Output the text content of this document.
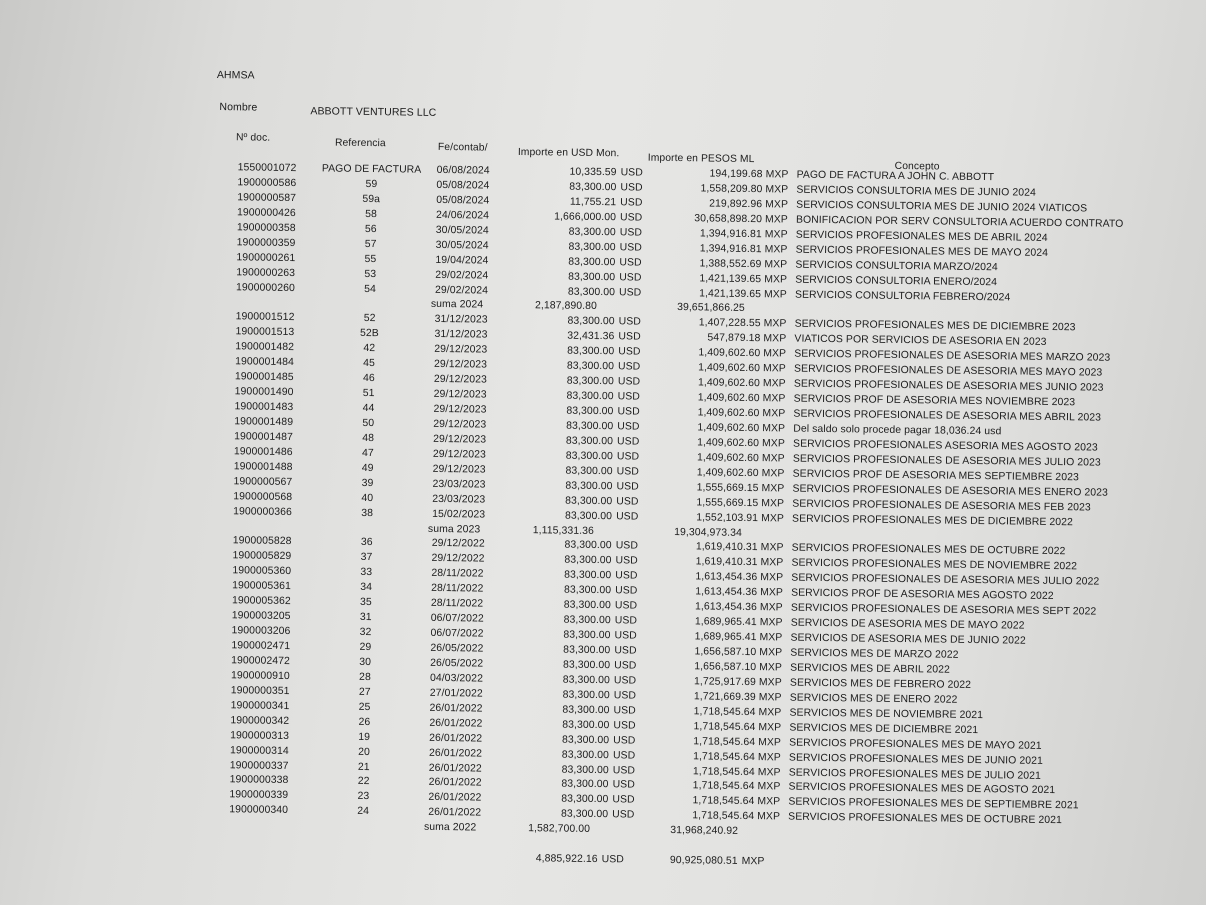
AHMSA
Nombre	ABBOTT VENTURES LLC
Nº doc.	Referencia	Fe/contab/	Importe en USD Mon.	Importe en PESOS ML
Concepto
1550001072	PAGO DE FACTURA	06/08/2024	10,335.59 USD	194,199.68 MXP PAGO DE FACTURA A JOHN C. ABBOTT
1900000586	59	05/08/2024	83,300.00 USD	1,558,209.80 MXP SERVICIOS CONSULTORIA MES DE JUNIO 2024
1900000587	59a	05/08/2024	11,755.21 USD	219,892.96 MXP SERVICIOS CONSULTORIA MES DE JUNIO 2024 VIATICOS
1900000426	58	24/06/2024	1,666,000.00 USD	30,658,898.20 MXP BONIFICACION POR SERV CONSULTORIA ACUERDO CONTRATO
1900000358	56	30/05/2024	83,300.00 USD	1,394,916.81 MXP SERVICIOS PROFESIONALES MES DE ABRIL 2024
1900000359	57	30/05/2024	83,300.00 USD	1,394,916.81 MXP SERVICIOS PROFESIONALES MES DE MAYO 2024
1900000261	55	19/04/2024	83,300.00 USD	1,388,552.69 MXP SERVICIOS CONSULTORIA MARZO/2024
1900000263	53	29/02/2024	83,300.00 USD	1,421,139.65 MXP SERVICIOS CONSULTORIA ENERO/2024
1900000260	54	29/02/2024	83,300.00 USD	1,421,139.65 MXP SERVICIOS CONSULTORIA FEBRERO/2024
suma 2024	2,187,890.80	39,651,866.25
1900001512	52	31/12/2023	83,300.00 USD	1,407,228.55 MXP SERVICIOS PROFESIONALES MES DE DICIEMBRE 2023
1900001513	52B	31/12/2023	32,431.36 USD	547,879.18 MXP VIATICOS POR SERVICIOS DE ASESORIA EN 2023
1900001482	42	29/12/2023	83,300.00 USD	1,409,602.60 MXP SERVICIOS PROFESIONALES DE ASESORIA MES MARZO 2023
1900001484	45	29/12/2023	83,300.00 USD	1,409,602.60 MXP SERVICIOS PROFESIONALES DE ASESORIA MES MAYO 2023
1900001485	46	29/12/2023	83,300.00 USD	1,409,602.60 MXP SERVICIOS PROFESIONALES DE ASESORIA MES JUNIO 2023
1900001490	51	29/12/2023	83,300.00 USD	1,409,602.60 MXP SERVICIOS PROF DE ASESORIA MES NOVIEMBRE 2023
1900001483	44	29/12/2023	83,300.00 USD	1,409,602.60 MXP SERVICIOS PROFESIONALES DE ASESORIA MES ABRIL 2023
1900001489	50	29/12/2023	83,300.00 USD	1,409,602.60 MXP Del saldo solo procede pagar 18,036.24 usd
1900001487	48	29/12/2023	83,300.00 USD	1,409,602.60 MXP SERVICIOS PROFESIONALES ASESORIA MES AGOSTO 2023
1900001486	47	29/12/2023	83,300.00 USD	1,409,602.60 MXP SERVICIOS PROFESIONALES DE ASESORIA MES JULIO 2023
1900001488	49	29/12/2023	83,300.00 USD	1,409,602.60 MXP SERVICIOS PROF DE ASESORIA MES SEPTIEMBRE 2023
1900000567	39	23/03/2023	83,300.00 USD	1,555,669.15 MXP SERVICIOS PROFESIONALES DE ASESORIA MES ENERO 2023
1900000568	40	23/03/2023	83,300.00 USD	1,555,669.15 MXP SERVICIOS PROFESIONALES DE ASESORIA MES FEB 2023
1900000366	38	15/02/2023	83,300.00 USD	1,552,103.91 MXP SERVICIOS PROFESIONALES MES DE DICIEMBRE 2022
suma 2023	1,115,331.36	19,304,973.34
1900005828	36	29/12/2022	83,300.00 USD	1,619,410.31 MXP SERVICIOS PROFESIONALES MES DE OCTUBRE 2022
1900005829	37	29/12/2022	83,300.00 USD	1,619,410.31 MXP SERVICIOS PROFESIONALES MES DE NOVIEMBRE 2022
1900005360	33	28/11/2022	83,300.00 USD	1,613,454.36 MXP SERVICIOS PROFESIONALES DE ASESORIA MES JULIO 2022
1900005361	34	28/11/2022	83,300.00 USD	1,613,454.36 MXP SERVICIOS PROF DE ASESORIA MES AGOSTO 2022
1900005362	35	28/11/2022	83,300.00 USD	1,613,454.36 MXP SERVICIOS PROFESIONALES DE ASESORIA MES SEPT 2022
1900003205	31	06/07/2022	83,300.00 USD	1,689,965.41 MXP SERVICIOS DE ASESORIA MES DE MAYO 2022
1900003206	32	06/07/2022	83,300.00 USD	1,689,965.41 MXP SERVICIOS DE ASESORIA MES DE JUNIO 2022
1900002471	29	26/05/2022	83,300.00 USD	1,656,587.10 MXP SERVICIOS MES DE MARZO 2022
1900002472	30	26/05/2022	83,300.00 USD	1,656,587.10 MXP SERVICIOS MES DE ABRIL 2022
1900000910	28	04/03/2022	83,300.00 USD	1,725,917.69 MXP SERVICIOS MES DE FEBRERO 2022
1900000351	27	27/01/2022	83,300.00 USD	1,721,669.39 MXP SERVICIOS MES DE ENERO 2022
1900000341	25	26/01/2022	83,300.00 USD	1,718,545.64 MXP SERVICIOS MES DE NOVIEMBRE 2021
1900000342	26	26/01/2022	83,300.00 USD	1,718,545.64 MXP SERVICIOS MES DE DICIEMBRE 2021
1900000313	19	26/01/2022	83,300.00 USD	1,718,545.64 MXP SERVICIOS PROFESIONALES MES DE MAYO 2021
1900000314	20	26/01/2022	83,300.00 USD	1,718,545.64 MXP SERVICIOS PROFESIONALES MES DE JUNIO 2021
1900000337	21	26/01/2022	83,300.00 USD	1,718,545.64 MXP SERVICIOS PROFESIONALES MES DE JULIO 2021
1900000338	22	26/01/2022	83,300.00 USD	1,718,545.64 MXP SERVICIOS PROFESIONALES MES DE AGOSTO 2021
1900000339	23	26/01/2022	83,300.00 USD	1,718,545.64 MXP SERVICIOS PROFESIONALES MES DE SEPTIEMBRE 2021
1900000340	24	26/01/2022	83,300.00 USD	1,718,545.64 MXP SERVICIOS PROFESIONALES MES DE OCTUBRE 2021
suma 2022	1,582,700.00	31,968,240.92
4,885,922.16 USD	90,925,080.51 MXP
